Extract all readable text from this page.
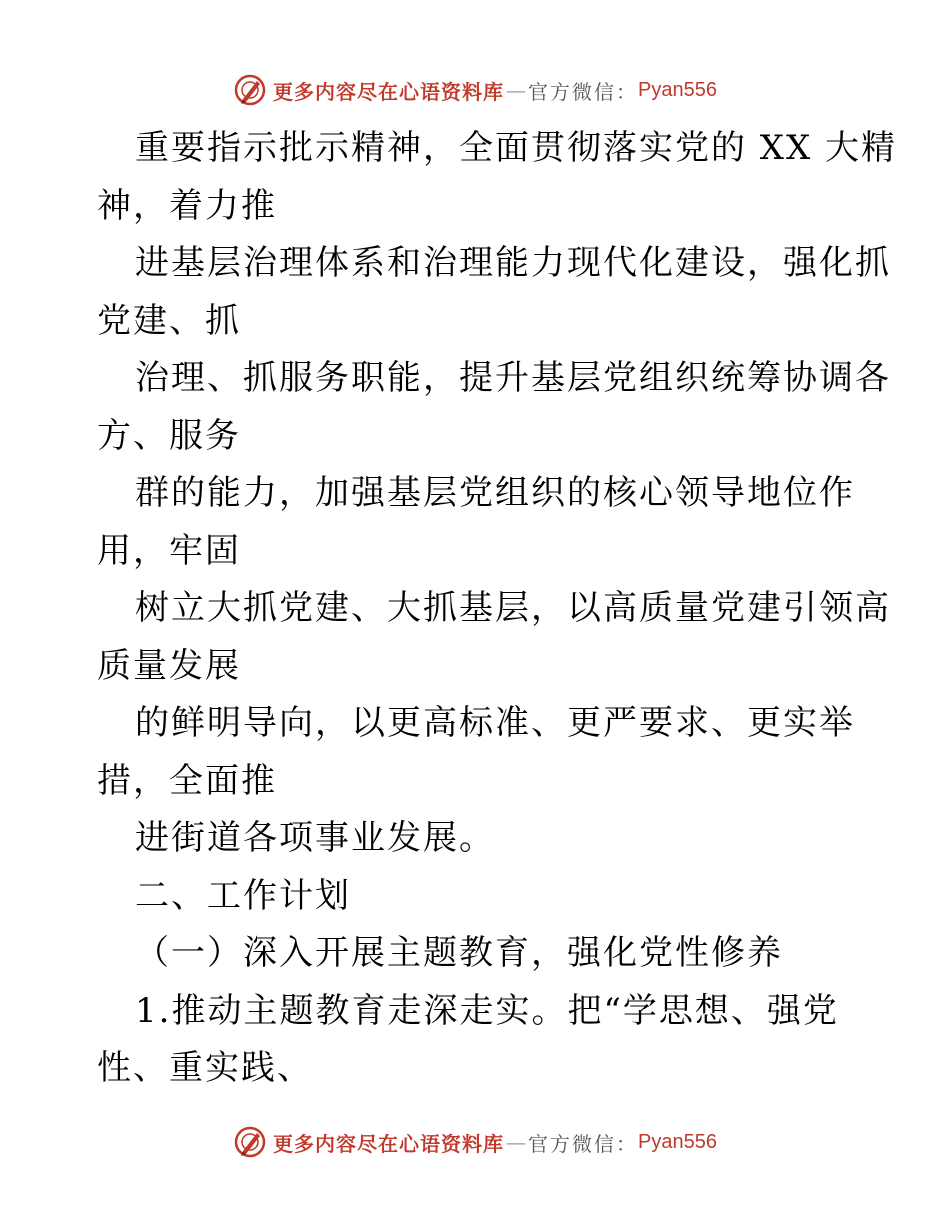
更多内容尽在心语资料库 — 官方微信： Pyan556
重要指示批示精神，全面贯彻落实党的 XX 大精
神，着力推
进基层治理体系和治理能力现代化建设，强化抓
党建、抓
治理、抓服务职能，提升基层党组织统筹协调各
方、服务
群的能力，加强基层党组织的核心领导地位作
用，牢固
树立大抓党建、大抓基层，以高质量党建引领高
质量发展
的鲜明导向，以更高标准、更严要求、更实举
措，全面推
进街道各项事业发展。
二、工作计划
（一）深入开展主题教育，强化党性修养
1.推动主题教育走深走实。把“学思想、强党
性、重实践、
更多内容尽在心语资料库 — 官方微信： Pyan556
